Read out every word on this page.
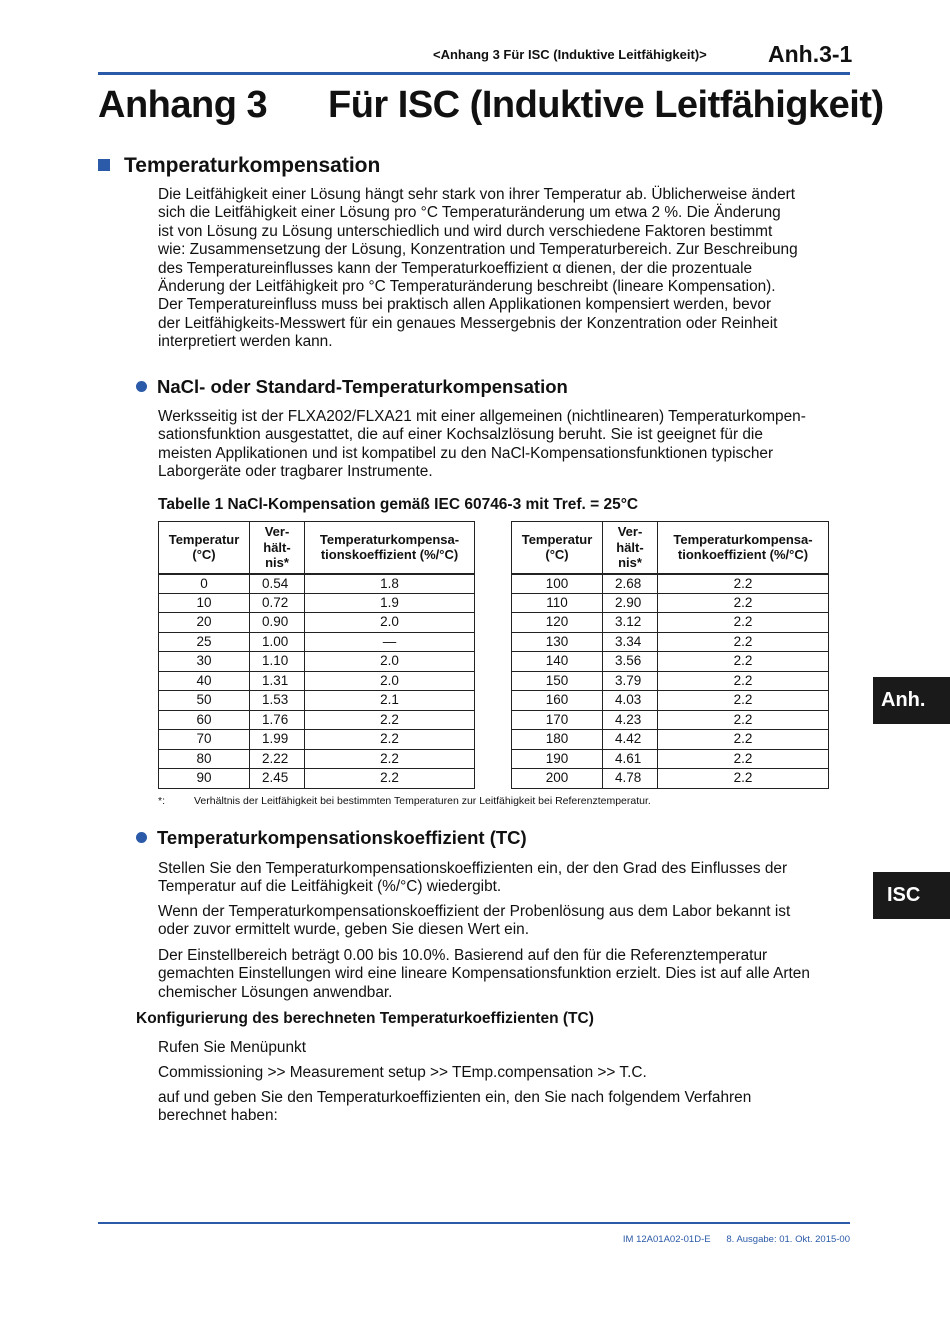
<Anhang 3 Für ISC (Induktive Leitfähigkeit)>	Anh.3-1
Anhang 3 Für ISC (Induktive Leitfähigkeit)
Temperaturkompensation
Die Leitfähigkeit einer Lösung hängt sehr stark von ihrer Temperatur ab. Üblicherweise ändert
sich die Leitfähigkeit einer Lösung pro °C Temperaturänderung um etwa 2 %. Die Änderung
ist von Lösung zu Lösung unterschiedlich und wird durch verschiedene Faktoren bestimmt
wie: Zusammensetzung der Lösung, Konzentration und Temperaturbereich. Zur Beschreibung
des Temperatureinflusses kann der Temperaturkoeffizient α dienen, der die prozentuale
Änderung der Leitfähigkeit pro °C Temperaturänderung beschreibt (lineare Kompensation).
Der Temperatureinfluss muss bei praktisch allen Applikationen kompensiert werden, bevor
der Leitfähigkeits-Messwert für ein genaues Messergebnis der Konzentration oder Reinheit
interpretiert werden kann.
NaCl- oder Standard-Temperaturkompensation
Werksseitig ist der FLXA202/FLXA21 mit einer allgemeinen (nichtlinearen) Temperaturkompen-
sationsfunktion ausgestattet, die auf einer Kochsalzlösung beruht. Sie ist geeignet für die
meisten Applikationen und ist kompatibel zu den NaCl-Kompensationsfunktionen typischer
Laborgeräte oder tragbarer Instrumente.
Tabelle 1 NaCl-Kompensation gemäß IEC 60746-3 mit Tref. = 25°C
Temperatur
(°C)	Ver-
hält-
nis*	Temperaturkompensa-
tionskoeffizient (%/°C)
0	0.54	1.8
10	0.72	1.9
20	0.90	2.0
25	1.00	—
30	1.10	2.0
40	1.31	2.0
50	1.53	2.1
60	1.76	2.2
70	1.99	2.2
80	2.22	2.2
90	2.45	2.2
Temperatur
(°C)	Ver-
hält-
nis*	Temperaturkompensa-
tionkoeffizient (%/°C)
100	2.68	2.2
110	2.90	2.2
120	3.12	2.2
130	3.34	2.2
140	3.56	2.2
150	3.79	2.2
160	4.03	2.2
170	4.23	2.2
180	4.42	2.2
190	4.61	2.2
200	4.78	2.2
*:	Verhältnis der Leitfähigkeit bei bestimmten Temperaturen zur Leitfähigkeit bei Referenztemperatur.
Temperaturkompensationskoeffizient (TC)
Stellen Sie den Temperaturkompensationskoeffizienten ein, der den Grad des Einflusses der
Temperatur auf die Leitfähigkeit (%/°C) wiedergibt.
Wenn der Temperaturkompensationskoeffizient der Probenlösung aus dem Labor bekannt ist
oder zuvor ermittelt wurde, geben Sie diesen Wert ein.
Der Einstellbereich beträgt 0.00 bis 10.0%. Basierend auf den für die Referenztemperatur
gemachten Einstellungen wird eine lineare Kompensationsfunktion erzielt. Dies ist auf alle Arten
chemischer Lösungen anwendbar.
Konfigurierung des berechneten Temperaturkoeffizienten (TC)
Rufen Sie Menüpunkt
Commissioning >> Measurement setup >> TEmp.compensation >> T.C.
auf und geben Sie den Temperaturkoeffizienten ein, den Sie nach folgendem Verfahren
berechnet haben:
Anh.
ISC
IM 12A01A02-01D-E      8. Ausgabe: 01. Okt. 2015-00
